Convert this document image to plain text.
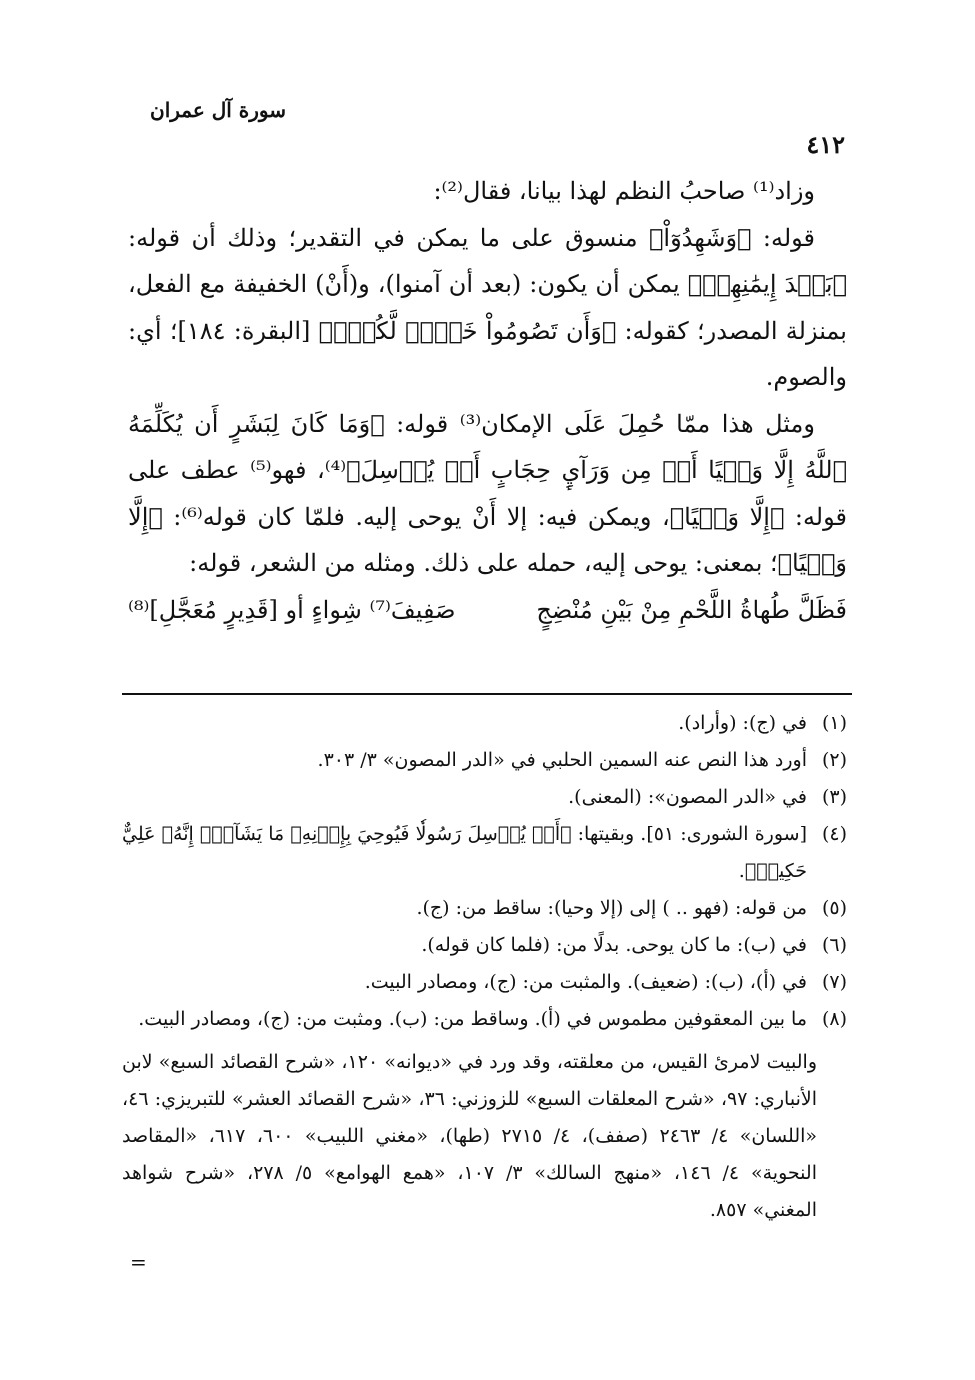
سورة آل عمران
٤١٢

وزاد⁽¹⁾ صاحبُ النظم لهذا بيانا، فقال⁽²⁾:

قوله: ﴿وَشَهِدُوٓاْ﴾ منسوق على ما يمكن في التقدير؛ وذلك أن قوله: ﴿بَعۡدَ إِيمَٰنِهِمۡ﴾ يمكن أن يكون: (بعد أن آمنوا)، و(أَنْ) الخفيفة مع الفعل، بمنزلة المصدر؛ كقوله: ﴿وَأَن تَصُومُواْ خَيۡرٞ لَّكُمۡۖ﴾ [البقرة: ١٨٤]؛ أي: والصوم.

ومثل هذا ممّا حُمِلَ عَلَى الإمكان⁽³⁾ قوله: ﴿وَمَا كَانَ لِبَشَرٍ أَن يُكَلِّمَهُ ٱللَّهُ إِلَّا وَحۡيًا أَوۡ مِن وَرَآيِٕ حِجَابٍ أَوۡ يُرۡسِلَ﴾⁽⁴⁾، فهو⁽⁵⁾ عطف على قوله: ﴿إِلَّا وَحۡيًا﴾، ويمكن فيه: إلا أَنْ يوحى إليه. فلمّا كان قوله⁽⁶⁾: ﴿إِلَّا وَحۡيًا﴾؛ بمعنى: يوحى إليه، حمله على ذلك. ومثله من الشعر، قوله:

فَظَلَّ طُهاةُ اللَّحْمِ مِنْ بَيْنِ مُنْضِجٍ
صَفِيفَ⁽⁷⁾ شِواءٍ أو [قَدِيرٍ مُعَجَّلِ]⁽⁸⁾
(١)
في (ج): (وأراد).
(٢)
أورد هذا النص عنه السمين الحلبي في «الدر المصون» ٣/ ٣٠٣.
(٣)
في «الدر المصون»: (المعنى).
(٤)
[سورة الشورى: ٥١]. وبقيتها: ﴿أَوۡ يُرۡسِلَ رَسُولٗا فَيُوحِيَ بِإِذۡنِهِۦ مَا يَشَآءُۚ إِنَّهُۥ عَلِيٌّ حَكِيمٞ﴾.
(٥)
من قوله: (فهو .. ) إلى (إلا وحيا): ساقط من: (ج).
(٦)
في (ب): ما كان يوحى. بدلًا من: (فلما كان قوله).
(٧)
في (أ)، (ب): (ضعيف). والمثبت من: (ج)، ومصادر البيت.
(٨)
ما بين المعقوفين مطموس في (أ). وساقط من: (ب). ومثبت من: (ج)، ومصادر البيت.

والبيت لامرئ القيس، من معلقته، وقد ورد في «ديوانه» ١٢٠، «شرح القصائد السبع» لابن الأنباري: ٩٧، «شرح المعلقات السبع» للزوزني: ٣٦، «شرح القصائد العشر» للتبريزي: ٤٦، «اللسان» ٤/ ٢٤٦٣ (صفف)، ٤/ ٢٧١٥ (طها)، «مغني اللبيب» ٦٠٠، ٦١٧، «المقاصد النحوية» ٤/ ١٤٦، «منهج السالك» ٣/ ١٠٧، «همع الهوامع» ٥/ ٢٧٨، «شرح شواهد المغني» ٨٥٧.

=
